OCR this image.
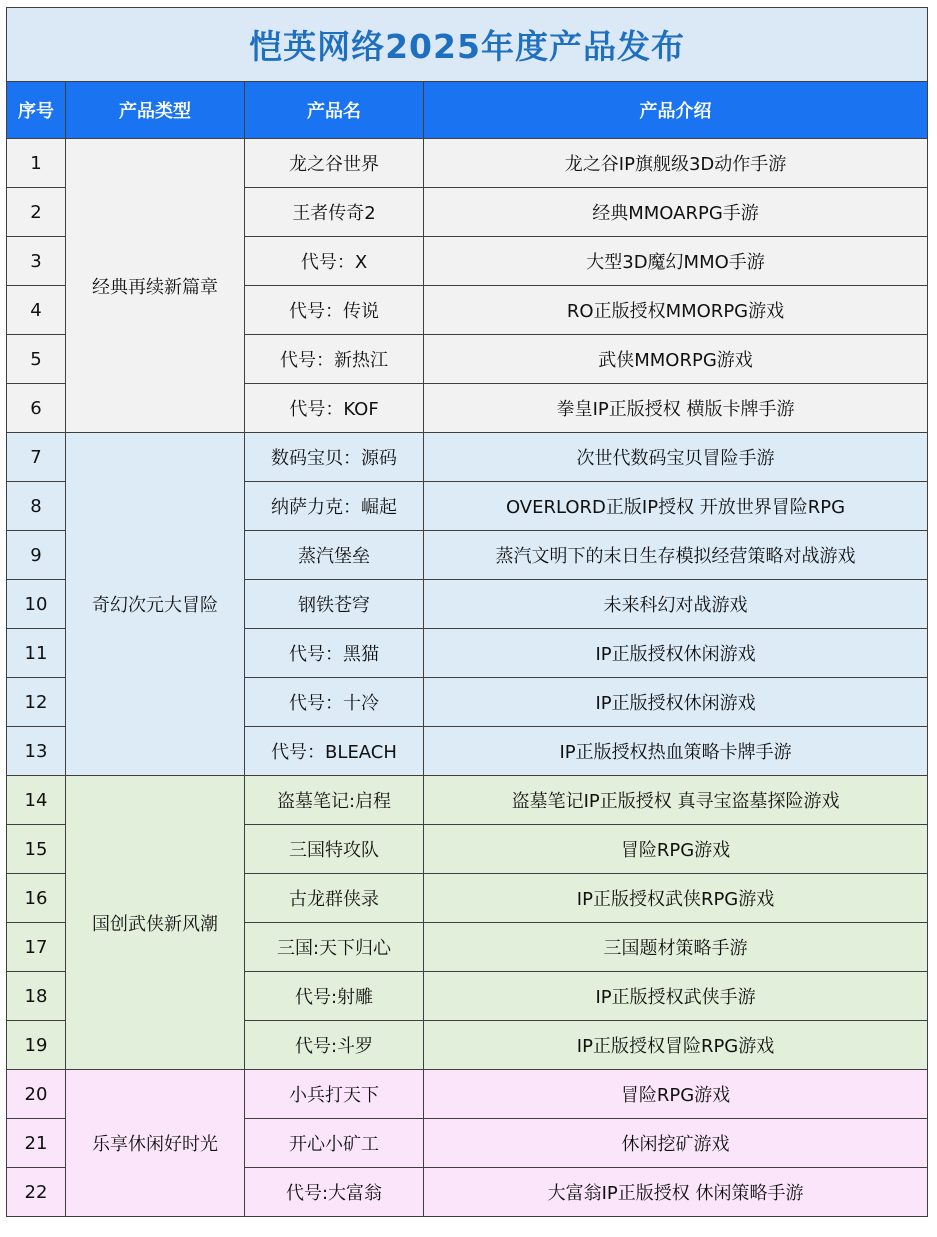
恺英网络2025年度产品发布			
序号	产品类型	产品名	产品介绍
1	经典再续新篇章	龙之谷世界	龙之谷IP旗舰级3D动作手游
2		王者传奇2	经典MMOARPG手游
3		代号：X	大型3D魔幻MMO手游
4		代号：传说	RO正版授权MMORPG游戏
5		代号：新热江	武侠MMORPG游戏
6		代号：KOF	拳皇IP正版授权 横版卡牌手游
7	奇幻次元大冒险	数码宝贝：源码	次世代数码宝贝冒险手游
8		纳萨力克：崛起	OVERLORD正版IP授权 开放世界冒险RPG
9		蒸汽堡垒	蒸汽文明下的末日生存模拟经营策略对战游戏
10		钢铁苍穹	未来科幻对战游戏
11		代号：黑猫	IP正版授权休闲游戏
12		代号：十冷	IP正版授权休闲游戏
13		代号：BLEACH	IP正版授权热血策略卡牌手游
14	国创武侠新风潮	盗墓笔记:启程	盗墓笔记IP正版授权 真寻宝盗墓探险游戏
15		三国特攻队	冒险RPG游戏
16		古龙群侠录	IP正版授权武侠RPG游戏
17		三国:天下归心	三国题材策略手游
18		代号:射雕	IP正版授权武侠手游
19		代号:斗罗	IP正版授权冒险RPG游戏
20	乐享休闲好时光	小兵打天下	冒险RPG游戏
21		开心小矿工	休闲挖矿游戏
22		代号:大富翁	大富翁IP正版授权 休闲策略手游
